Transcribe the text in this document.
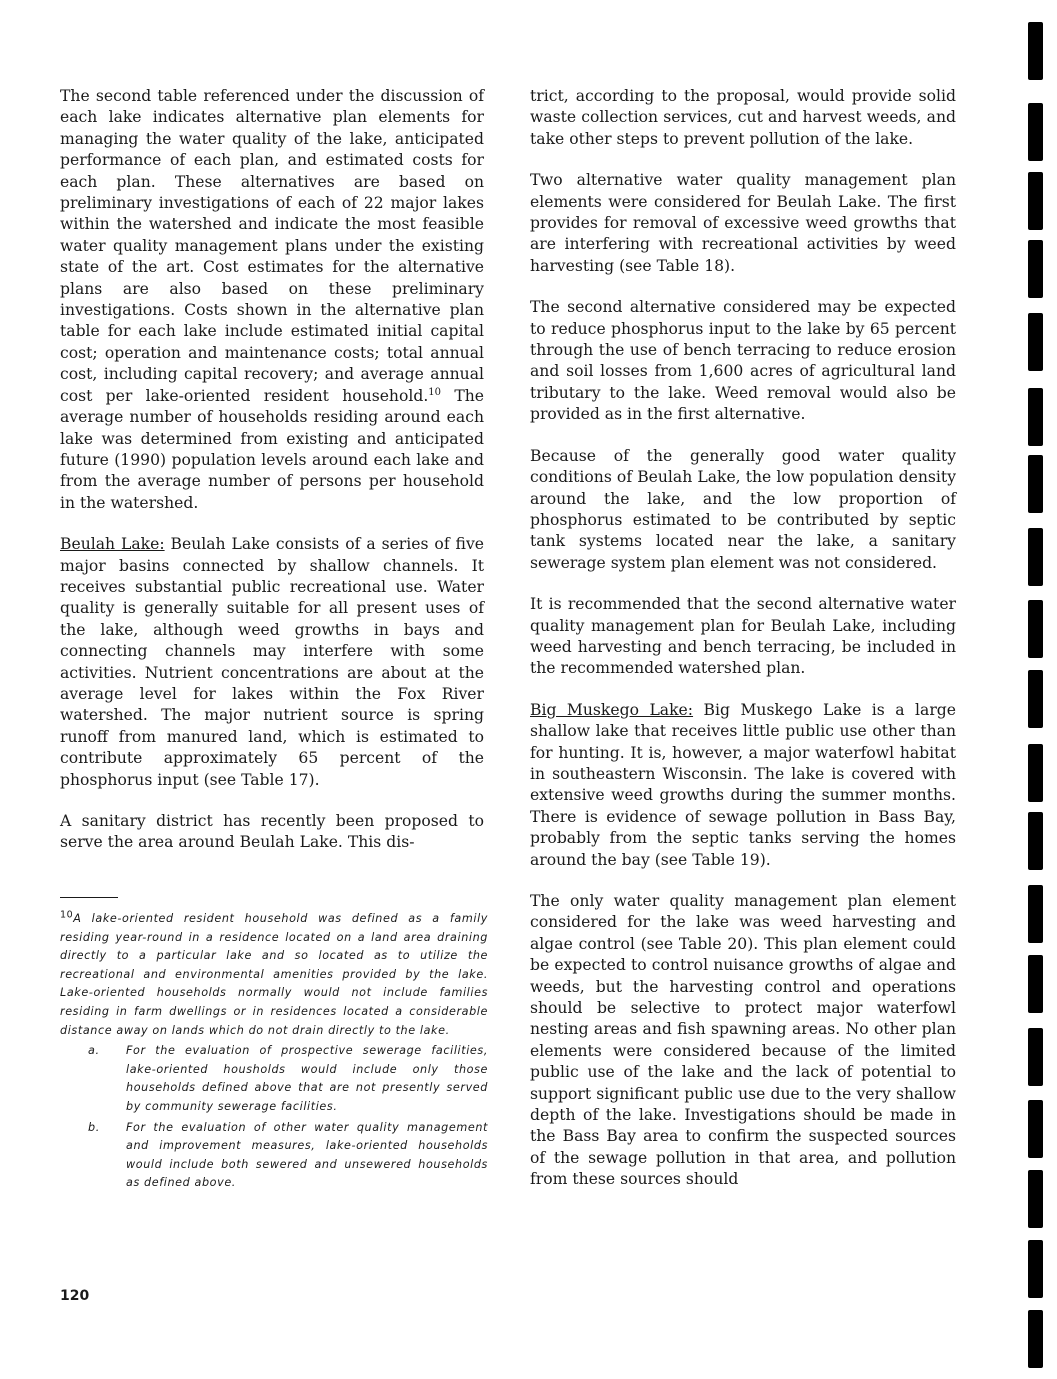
The second table referenced under the discussion of each lake indicates alternative plan elements for managing the water quality of the lake, anticipated performance of each plan, and estimated costs for each plan. These alternatives are based on preliminary investigations of each of 22 major lakes within the watershed and indicate the most feasible water quality management plans under the existing state of the art. Cost estimates for the alternative plans are also based on these preliminary investigations. Costs shown in the alternative plan table for each lake include estimated initial capital cost; operation and maintenance costs; total annual cost, including capital recovery; and average annual cost per lake-oriented resident household.$^{10}$ The average number of households residing around each lake was determined from existing and anticipated future (1990) population levels around each lake and from the average number of persons per household in the watershed.

Beulah Lake: Beulah Lake consists of a series of five major basins connected by shallow channels. It receives substantial public recreational use. Water quality is generally suitable for all present uses of the lake, although weed growths in bays and connecting channels may interfere with some activities. Nutrient concentrations are about at the average level for lakes within the Fox River watershed. The major nutrient source is spring runoff from manured land, which is estimated to contribute approximately 65 percent of the phosphorus input (see Table 17).

A sanitary district has recently been proposed to serve the area around Beulah Lake. This dis-

$^{10}$A lake-oriented resident household was defined as a family residing year-round in a residence located on a land area draining directly to a particular lake and so located as to utilize the recreational and environmental amenities provided by the lake. Lake-oriented households normally would not include families residing in farm dwellings or in residences located a considerable distance away on lands which do not drain directly to the lake.

a. For the evaluation of prospective sewerage facilities, lake-oriented housholds would include only those households defined above that are not presently served by community sewerage facilities.

b. For the evaluation of other water quality management and improvement measures, lake-oriented households would include both sewered and unsewered households as defined above.

120

trict, according to the proposal, would provide solid waste collection services, cut and harvest weeds, and take other steps to prevent pollution of the lake.

Two alternative water quality management plan elements were considered for Beulah Lake. The first provides for removal of excessive weed growths that are interfering with recreational activities by weed harvesting (see Table 18).

The second alternative considered may be expected to reduce phosphorus input to the lake by 65 percent through the use of bench terracing to reduce erosion and soil losses from 1,600 acres of agricultural land tributary to the lake. Weed removal would also be provided as in the first alternative.

Because of the generally good water quality conditions of Beulah Lake, the low population density around the lake, and the low proportion of phosphorus estimated to be contributed by septic tank systems located near the lake, a sanitary sewerage system plan element was not considered.

It is recommended that the second alternative water quality management plan for Beulah Lake, including weed harvesting and bench terracing, be included in the recommended watershed plan.

Big Muskego Lake: Big Muskego Lake is a large shallow lake that receives little public use other than for hunting. It is, however, a major waterfowl habitat in southeastern Wisconsin. The lake is covered with extensive weed growths during the summer months. There is evidence of sewage pollution in Bass Bay, probably from the septic tanks serving the homes around the bay (see Table 19).

The only water quality management plan element considered for the lake was weed harvesting and algae control (see Table 20). This plan element could be expected to control nuisance growths of algae and weeds, but the harvesting control and operations should be selective to protect major waterfowl nesting areas and fish spawning areas. No other plan elements were considered because of the limited public use of the lake and the lack of potential to support significant public use due to the very shallow depth of the lake. Investigations should be made in the Bass Bay area to confirm the suspected sources of the sewage pollution in that area, and pollution from these sources should
